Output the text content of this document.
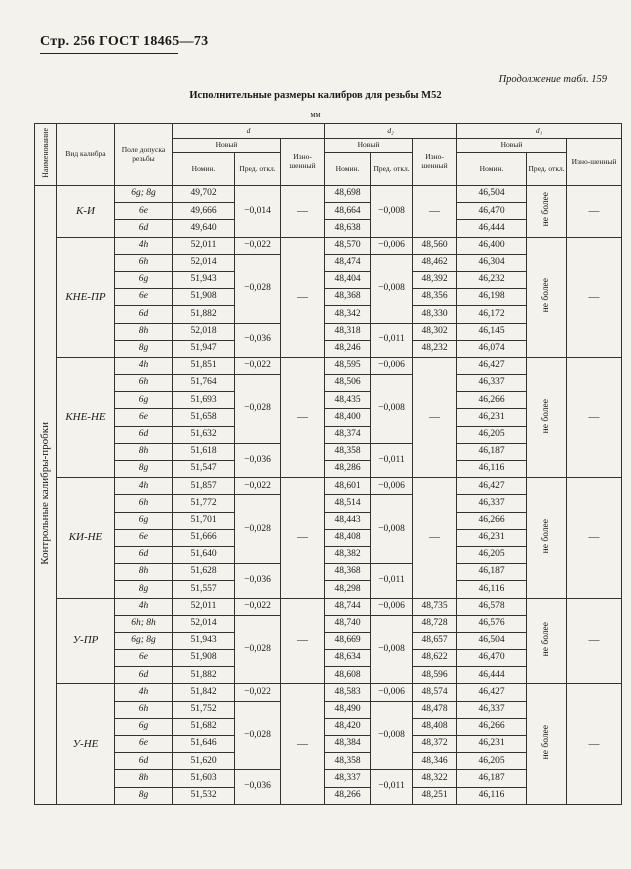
Стр. 256 ГОСТ 18465—73
Продолжение табл. 159
Исполнительные размеры калибров для резьбы М52
мм
Наименование	Вид калибра	Поле допуска резьбы	d			d₂			d₁		
			Новый		Изно-шенный	Новый		Изно-шенный	Новый		Изно-шенный
			Номин.	Пред. откл.		Номин.	Пред. откл.		Номин.	Пред. откл.	
Контрольные калибры-пробки	К-И	6g; 8g	49,702	−0,014	—	48,698	−0,008	—	46,504	не более	—
		6e	49,666			48,664			46,470		
		6d	49,640			48,638			46,444		
	КНЕ-ПР	4h	52,011	−0,022	—	48,570	−0,006	48,560	46,400	не более	—
		6h	52,014	−0,028		48,474	−0,008	48,462	46,304		
		6g	51,943			48,404		48,392	46,232		
		6e	51,908			48,368		48,356	46,198		
		6d	51,882			48,342		48,330	46,172		
		8h	52,018	−0,036		48,318	−0,011	48,302	46,145		
		8g	51,947			48,246		48,232	46,074		
	КНЕ-НЕ	4h	51,851	−0,022	—	48,595	−0,006	—	46,427	не более	—
		6h	51,764	−0,028		48,506	−0,008		46,337		
		6g	51,693			48,435			46,266		
		6e	51,658			48,400			46,231		
		6d	51,632			48,374			46,205		
		8h	51,618	−0,036		48,358	−0,011		46,187		
		8g	51,547			48,286			46,116		
	КИ-НЕ	4h	51,857	−0,022	—	48,601	−0,006	—	46,427	не более	—
		6h	51,772	−0,028		48,514	−0,008		46,337		
		6g	51,701			48,443			46,266		
		6e	51,666			48,408			46,231		
		6d	51,640			48,382			46,205		
		8h	51,628	−0,036		48,368	−0,011		46,187		
		8g	51,557			48,298			46,116		
	У-ПР	4h	52,011	−0,022	—	48,744	−0,006	48,735	46,578	не более	—
		6h; 8h	52,014	−0,028		48,740	−0,008	48,728	46,576		
		6g; 8g	51,943			48,669		48,657	46,504		
		6e	51,908			48,634		48,622	46,470		
		6d	51,882			48,608		48,596	46,444		
	У-НЕ	4h	51,842	−0,022	—	48,583	−0,006	48,574	46,427	не более	—
		6h	51,752	−0,028		48,490	−0,008	48,478	46,337		
		6g	51,682			48,420		48,408	46,266		
		6e	51,646			48,384		48,372	46,231		
		6d	51,620			48,358		48,346	46,205		
		8h	51,603	−0,036		48,337	−0,011	48,322	46,187		
		8g	51,532			48,266		48,251	46,116		
